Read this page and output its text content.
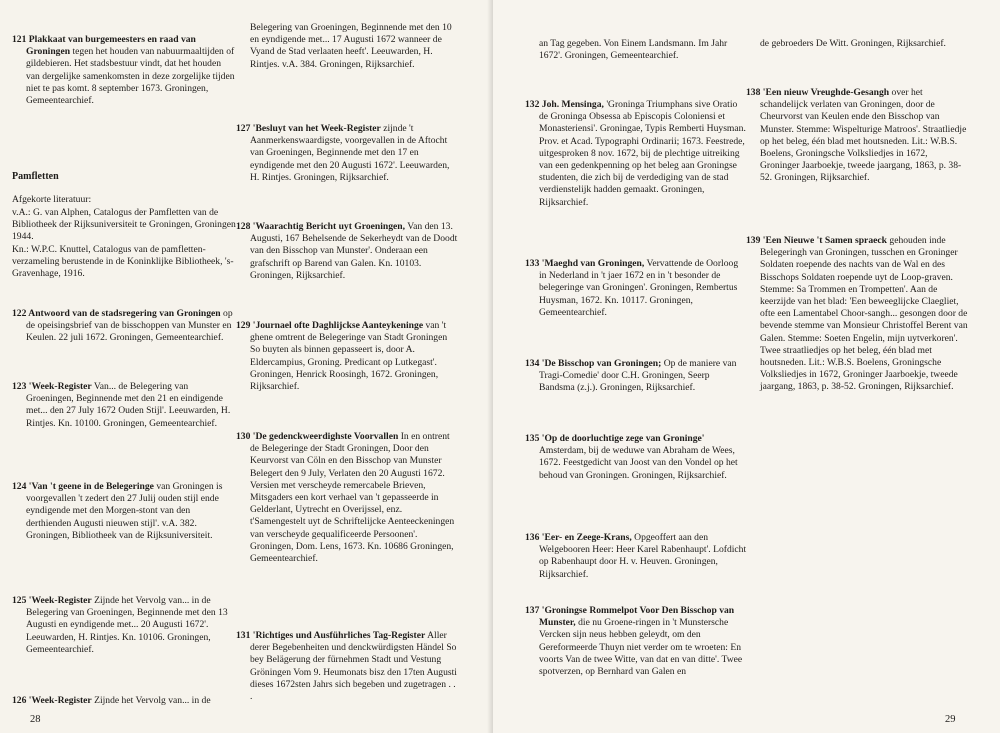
121 Plakkaat van burgemeesters en raad van Groningen tegen het houden van nabuurmaaltijden of gildebieren. Het stadsbestuur vindt, dat het houden van dergelijke samenkomsten in deze zorgelijke tijden niet te pas komt. 8 september 1673. Groningen, Gemeentearchief.

122 Antwoord van de stadsregering van Groningen op de opeisingsbrief van de bisschoppen van Munster en Keulen. 22 juli 1672. Groningen, Gemeentearchief.

123 'Week-Register Van... de Belegering van Groeningen, Beginnende met den 21 en eindigende met... den 27 July 1672 Ouden Stijl'. Leeuwarden, H. Rintjes. Kn. 10100. Groningen, Gemeentearchief.

124 'Van 't geene in de Belegeringe van Groningen is voorgevallen 't zedert den 27 Julij ouden stijl ende eyndigende met den Morgen-stont van den derthienden Augusti nieuwen stijl'. v.A. 382. Groningen, Bibliotheek van de Rijksuniversiteit.

125 'Week-Register Zijnde het Vervolg van... in de Belegering van Groeningen, Beginnende met den 13 Augusti en eyndigende met... 20 Augusti 1672'. Leeuwarden, H. Rintjes. Kn. 10106. Groningen, Gemeentearchief.

126 'Week-Register Zijnde het Vervolg van... in de

Pamfletten

Afgekorte literatuur:

v.A.: G. van Alphen, Catalogus der Pamfletten van de Bibliotheek der Rijksuniversiteit te Groningen, Groningen 1944.

Kn.: W.P.C. Knuttel, Catalogus van de pamfletten-verzameling berustende in de Koninklijke Bibliotheek, 's-Gravenhage, 1916.

Belegering van Groeningen, Beginnende met den 10 en eyndigende met... 17 Augusti 1672 wanneer de Vyand de Stad verlaaten heeft'. Leeuwarden, H. Rintjes. v.A. 384. Groningen, Rijksarchief.

127 'Besluyt van het Week-Register zijnde 't Aanmerkenswaardigste, voorgevallen in de Aftocht van Groeningen, Beginnende met den 17 en eyndigende met den 20 Augusti 1672'. Leeuwarden, H. Rintjes. Groningen, Rijksarchief.

128 'Waarachtig Bericht uyt Groeningen, Van den 13. Augusti, 167 Behelsende de Sekerheydt van de Doodt van den Bisschop van Munster'. Onderaan een grafschrift op Barend van Galen. Kn. 10103. Groningen, Rijksarchief.

129 'Journael ofte Daghlijckse Aanteykeninge van 't ghene omtrent de Belegeringe van Stadt Groningen So buyten als binnen gepasseert is, door A. Eldercampius, Groning. Predicant op Lutkegast'. Groningen, Henrick Roosingh, 1672. Groningen, Rijksarchief.

130 'De gedenckweerdighste Voorvallen In en ontrent de Belegeringe der Stadt Groningen, Door den Keurvorst van Cöln en den Bisschop van Munster Belegert den 9 July, Verlaten den 20 Augusti 1672. Versien met verscheyde remercabele Brieven, Mitsgaders een kort verhael van 't gepasseerde in Gelderlant, Uytrecht en Overijssel, enz. t'Samengestelt uyt de Schriftelijcke Aenteeckeningen van verscheyde gequalificeerde Persoonen'. Groningen, Dom. Lens, 1673. Kn. 10686 Groningen, Gemeentearchief.

131 'Richtiges und Ausführliches Tag-Register Aller derer Begebenheiten und denckwürdigsten Händel So bey Belägerung der fürnehmen Stadt und Vestung Gröningen Vom 9. Heumonats bisz den 17ten Augusti dieses 1672sten Jahrs sich begeben und zugetragen . . .

28

an Tag gegeben. Von Einem Landsmann. Im Jahr 1672'. Groningen, Gemeentearchief.

132 Joh. Mensinga, 'Groninga Triumphans sive Oratio de Groninga Obsessa ab Episcopis Coloniensi et Monasteriensi'. Groningae, Typis Remberti Huysman. Prov. et Acad. Typographi Ordinarii; 1673. Feestrede, uitgesproken 8 nov. 1672, bij de plechtige uitreiking van een gedenkpenning op het beleg aan Groningse studenten, die zich bij de verdediging van de stad verdienstelijk hadden gemaakt. Groningen, Rijksarchief.

133 'Maeghd van Groningen, Vervattende de Oorloog in Nederland in 't jaer 1672 en in 't besonder de belegeringe van Groningen'. Groningen, Rembertus Huysman, 1672. Kn. 10117. Groningen, Gemeentearchief.

134 'De Bisschop van Groningen; Op de maniere van Tragi-Comedie' door C.H. Groningen, Seerp Bandsma (z.j.). Groningen, Rijksarchief.

135 'Op de doorluchtige zege van Groninge' Amsterdam, bij de weduwe van Abraham de Wees, 1672. Feestgedicht van Joost van den Vondel op het behoud van Groningen. Groningen, Rijksarchief.

136 'Eer- en Zeege-Krans, Opgeoffert aan den Welgebooren Heer: Heer Karel Rabenhaupt'. Lofdicht op Rabenhaupt door H. v. Heuven. Groningen, Rijksarchief.

137 'Groningse Rommelpot Voor Den Bisschop van Munster, die nu Groene-ringen in 't Munstersche Vercken sijn neus hebben geleydt, om den Gereformeerde Thuyn niet verder om te wroeten: En voorts Van de twee Witte, van dat en van ditte'. Twee spotverzen, op Bernhard van Galen en

de gebroeders De Witt. Groningen, Rijksarchief.

138 'Een nieuw Vreughde-Gesangh over het schandelijck verlaten van Groningen, door de Cheurvorst van Keulen ende den Bisschop van Munster. Stemme: Wispelturige Matroos'. Straatliedje op het beleg, één blad met houtsneden. Lit.: W.B.S. Boelens, Groningsche Volksliedjes in 1672, Groninger Jaarboekje, tweede jaargang, 1863, p. 38-52. Groningen, Rijksarchief.

139 'Een Nieuwe 't Samen spraeck gehouden inde Belegeringh van Groningen, tusschen en Groninger Soldaten roepende des nachts van de Wal en des Bisschops Soldaten roepende uyt de Loop-graven. Stemme: Sa Trommen en Trompetten'. Aan de keerzijde van het blad: 'Een beweeglijcke Claegliet, ofte een Lamentabel Choor-sangh... gesongen door de bevende stemme van Monsieur Christoffel Berent van Galen. Stemme: Soeten Engelin, mijn uytverkoren'. Twee straatliedjes op het beleg, één blad met houtsneden. Lit.: W.B.S. Boelens, Groningsche Volksliedjes in 1672, Groninger Jaarboekje, tweede jaargang, 1863, p. 38-52. Groningen, Rijksarchief.

29
